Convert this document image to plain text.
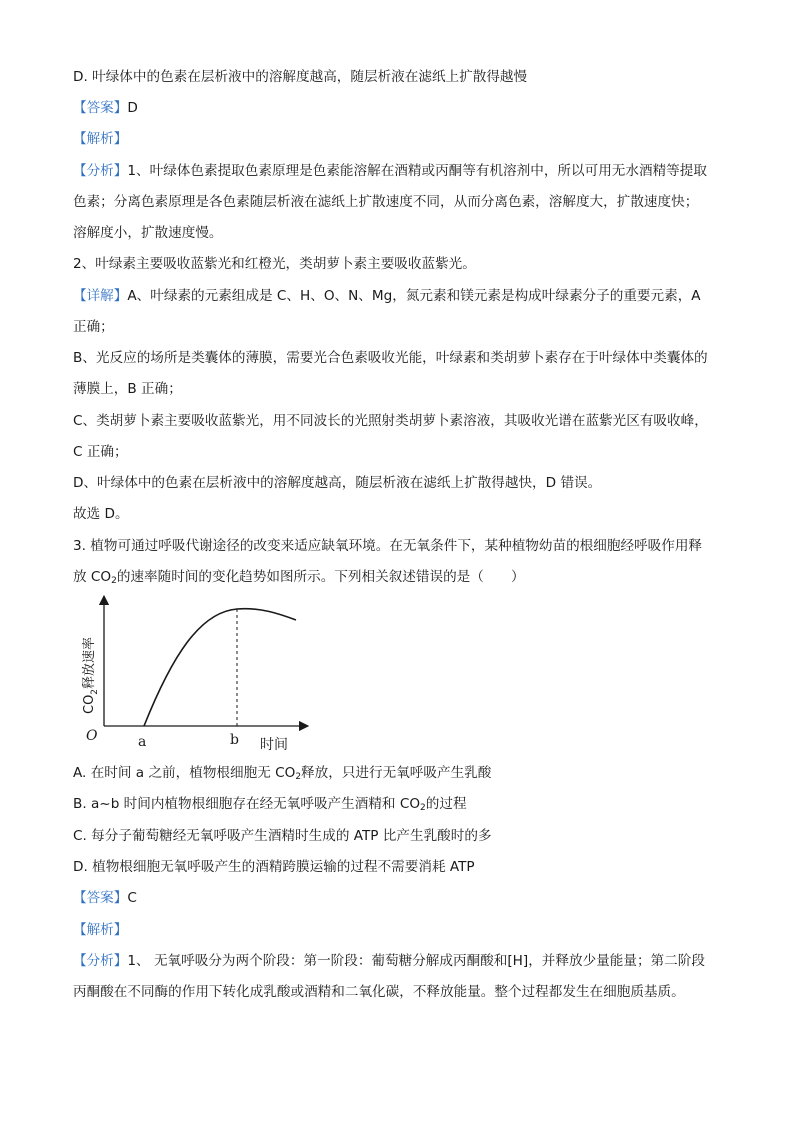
D. 叶绿体中的色素在层析液中的溶解度越高，随层析液在滤纸上扩散得越慢
【答案】D
【解析】
【分析】1、叶绿体色素提取色素原理是色素能溶解在酒精或丙酮等有机溶剂中，所以可用无水酒精等提取
色素；分离色素原理是各色素随层析液在滤纸上扩散速度不同，从而分离色素，溶解度大，扩散速度快；
溶解度小，扩散速度慢。
2、叶绿素主要吸收蓝紫光和红橙光，类胡萝卜素主要吸收蓝紫光。
【详解】A、叶绿素的元素组成是 C、H、O、N、Mg，氮元素和镁元素是构成叶绿素分子的重要元素，A
正确；
B、光反应的场所是类囊体的薄膜，需要光合色素吸收光能，叶绿素和类胡萝卜素存在于叶绿体中类囊体的
薄膜上，B 正确；
C、类胡萝卜素主要吸收蓝紫光，用不同波长的光照射类胡萝卜素溶液，其吸收光谱在蓝紫光区有吸收峰，
C 正确；
D、叶绿体中的色素在层析液中的溶解度越高，随层析液在滤纸上扩散得越快，D 错误。
故选 D。
3. 植物可通过呼吸代谢途径的改变来适应缺氧环境。在无氧条件下，某种植物幼苗的根细胞经呼吸作用释
放 $CO_2$的速率随时间的变化趋势如图所示。下列相关叙述错误的是（　　）
O	a	b 时间
$CO_2$释放速率
A. 在时间 a 之前，植物根细胞无 $CO_2$释放，只进行无氧呼吸产生乳酸
B. a~b 时间内植物根细胞存在经无氧呼吸产生酒精和 $CO_2$的过程
C. 每分子葡萄糖经无氧呼吸产生酒精时生成的 ATP 比产生乳酸时的多
D. 植物根细胞无氧呼吸产生的酒精跨膜运输的过程不需要消耗 ATP
【答案】C
【解析】
【分析】1、 无氧呼吸分为两个阶段：第一阶段：葡萄糖分解成丙酮酸和[H]，并释放少量能量；第二阶段
丙酮酸在不同酶的作用下转化成乳酸或酒精和二氧化碳，不释放能量。整个过程都发生在细胞质基质。
